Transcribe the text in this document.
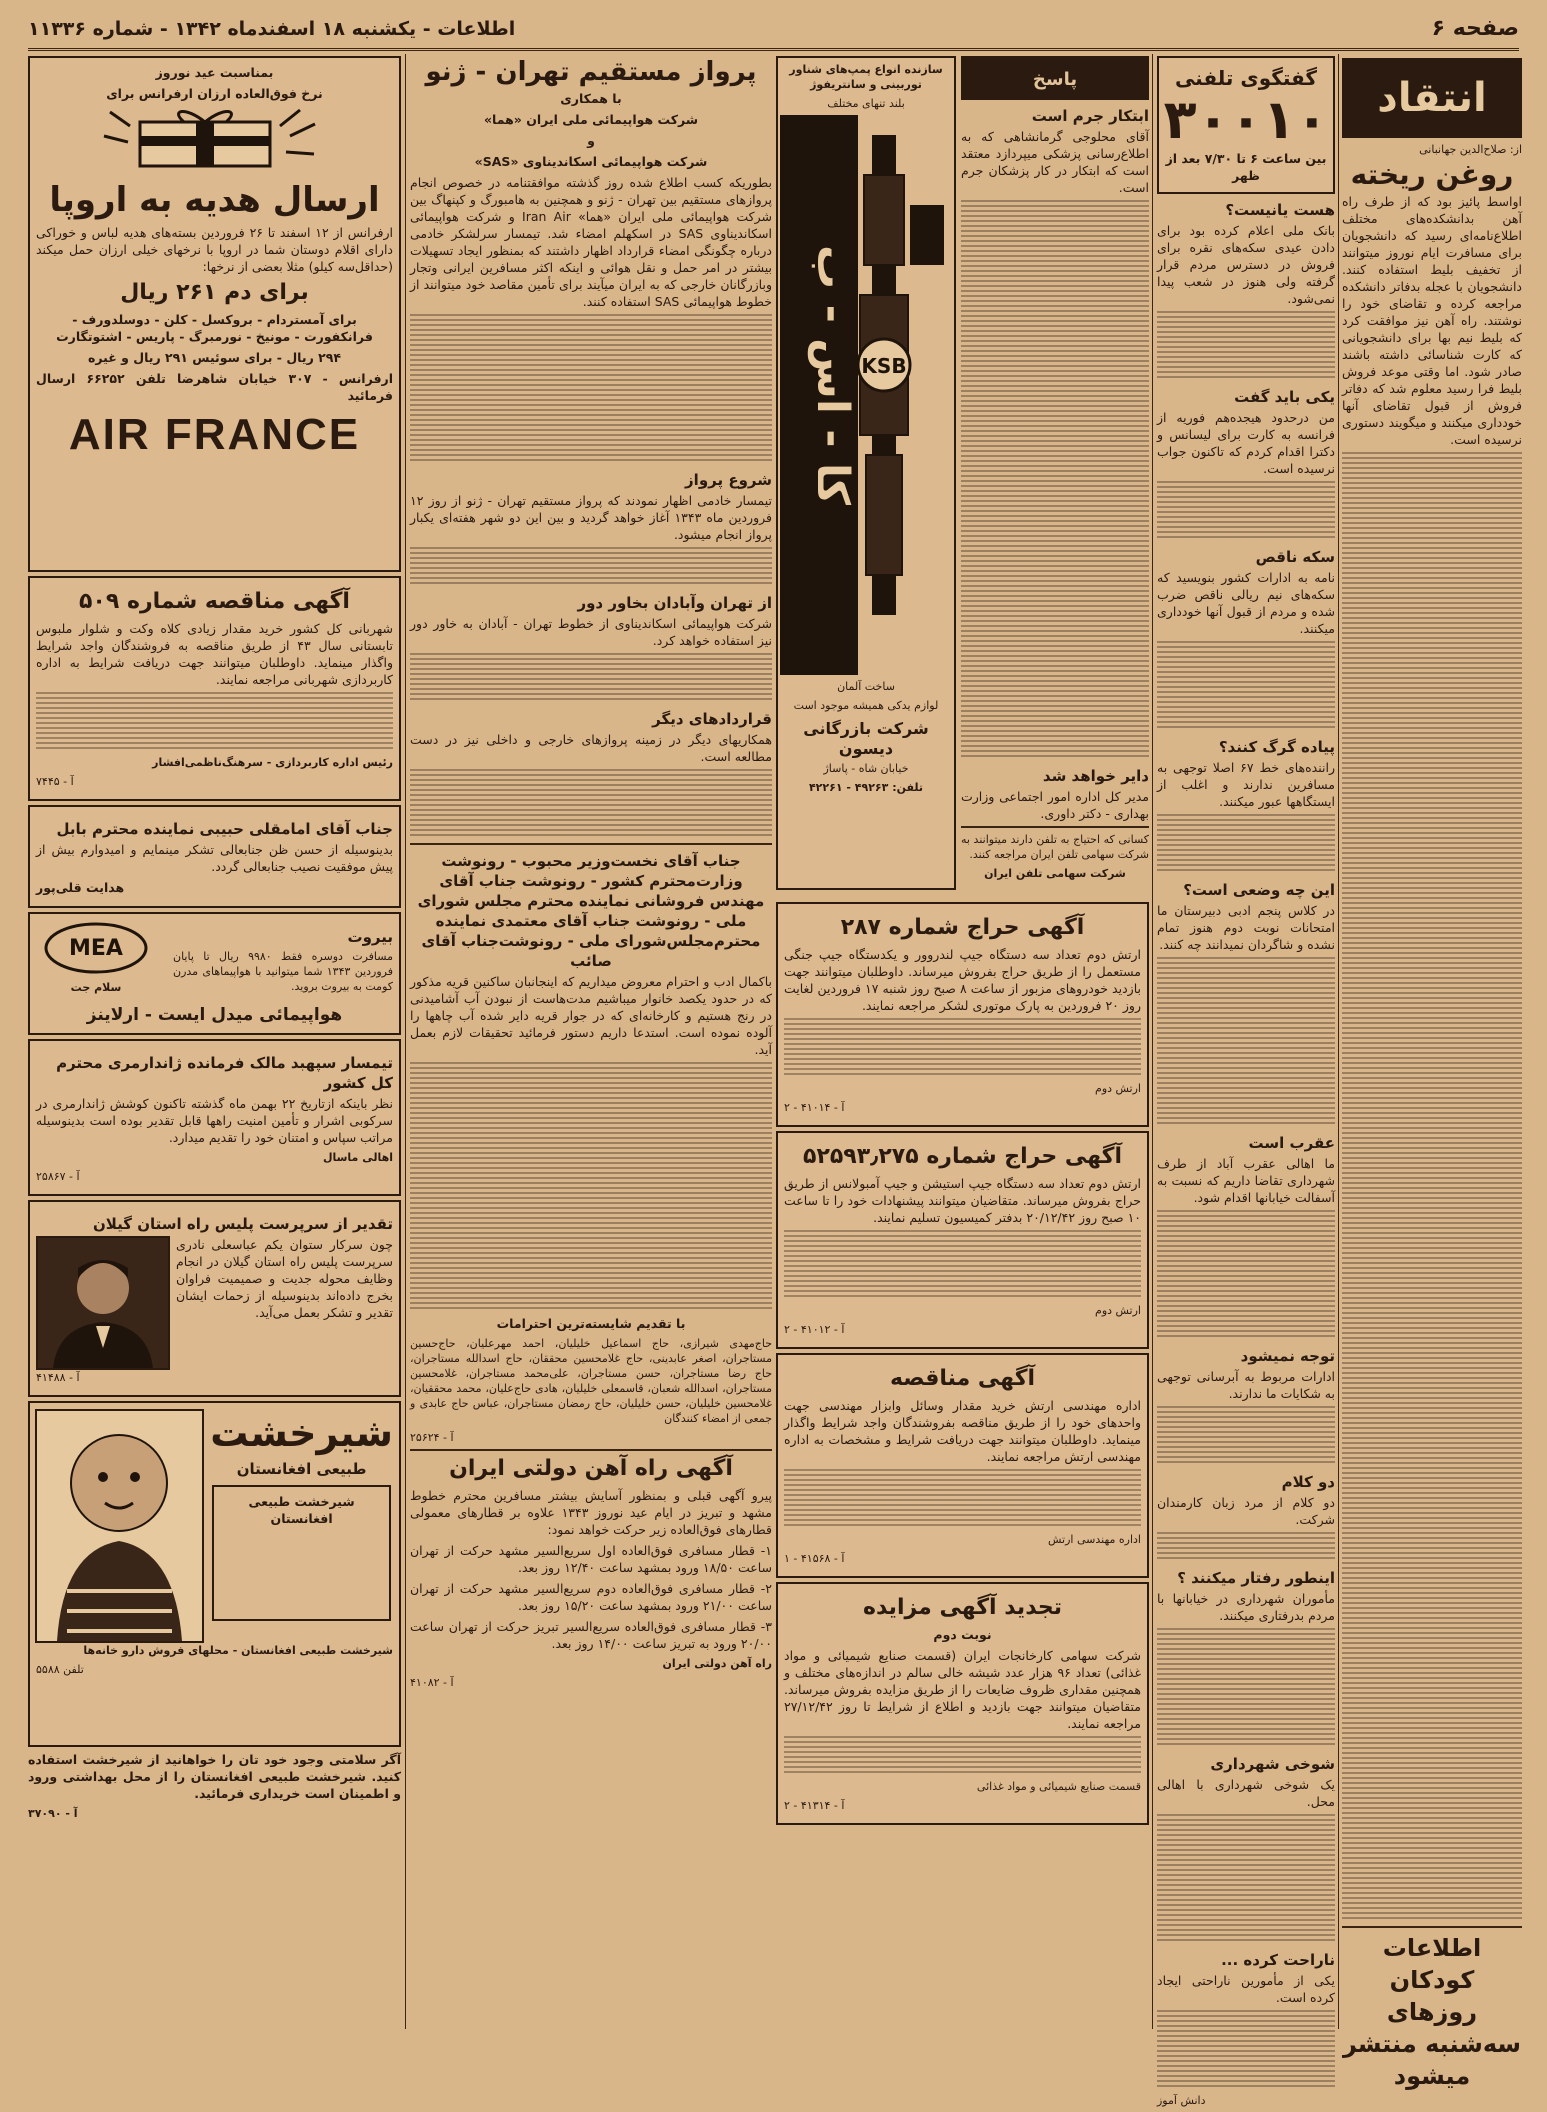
صفحه ۶
اطلاعات - یکشنبه ۱۸ اسفندماه ۱۳۴۲ - شماره ۱۱۳۳۶
انتقاد
از: صلاح‌الدین جهانبانی
روغن ریخته

اواسط پائیز بود که از طرف راه آهن بدانشکده‌های مختلف اطلاع‌نامه‌ای رسید که دانشجویان برای مسافرت ایام نوروز میتوانند از تخفیف بلیط استفاده کنند. دانشجویان با عجله بدفاتر دانشکده مراجعه کرده و تقاضای خود را نوشتند. راه آهن نیز موافقت کرد که بلیط نیم بها برای دانشجویانی که کارت شناسائی داشته باشند صادر شود. اما وقتی موعد فروش بلیط فرا رسید معلوم شد که دفاتر فروش از قبول تقاضای آنها خودداری میکنند و میگویند دستوری نرسیده است.

اطلاعات کودکان روزهای سه‌شنبه منتشر میشود
گفتگوی تلفنی
۳۰۰۱۰
بین ساعت ۶ تا ۷/۳۰ بعد از ظهر
هست یانیست؟

بانک ملی اعلام کرده بود برای دادن عیدی سکه‌های نقره برای فروش در دسترس مردم قرار گرفته ولی هنوز در شعب پیدا نمی‌شود.

یکی باید گفت

من درحدود هیجده‌هم فوریه از فرانسه به کارت برای لیسانس و دکترا اقدام کردم که تاکنون جواب نرسیده است.

سکه ناقص

نامه به ادارات کشور بنویسید که سکه‌های نیم ریالی ناقص ضرب شده و مردم از قبول آنها خودداری میکنند.

پیاده گرگ کنند؟

راننده‌های خط ۶۷ اصلا توجهی به مسافرین ندارند و اغلب از ایستگاهها عبور میکنند.

این چه وضعی است؟

در کلاس پنجم ادبی دبیرستان ما امتحانات نوبت دوم هنوز تمام نشده و شاگردان نمیدانند چه کنند.

عقرب است

ما اهالی عقرب آباد از طرف شهرداری تقاضا داریم که نسبت به آسفالت خیابانها اقدام شود.

توجه نمیشود

ادارات مربوط به آبرسانی توجهی به شکایات ما ندارند.

دو کلام

دو کلام از مرد زبان کارمندان شرکت.

اینطور رفتار میکنند ؟

مأموران شهرداری در خیابانها با مردم بدرفتاری میکنند.

شوخی شهرداری

یک شوخی شهرداری با اهالی محل.

ناراحت کرده ...

یکی از مأمورین ناراحتی ایجاد کرده است.

دانش آموز
پاسخ
ابتکار جرم است

آقای محلوجی گرمانشاهی که به اطلاع‌رسانی پزشکی میپردازد معتقد است که ابتکار در کار پزشکان جرم است.

دایر خواهد شد

مدیر کل اداره امور اجتماعی وزارت بهداری - دکتر داوری.

کسانی که احتیاج به تلفن دارند میتوانند به شرکت سهامی تلفن ایران مراجعه کنند.

شرکت سهامی تلفن ایران
سازنده انواع پمپ‌های شناور توربینی و سانتریفوژ
بلند تنهای مختلف
KSB
کا - اس - ب
ساخت آلمان
لوازم یدکی همیشه موجود است
شرکت بازرگانی دیسون
خیابان شاه - پاساژ
تلفن: ۴۹۲۶۳ - ۴۲۲۶۱
آگهی حراج شماره ۲۸۷

ارتش دوم تعداد سه دستگاه جیپ لندروور و یکدستگاه جیپ جنگی مستعمل را از طریق حراج بفروش میرساند. داوطلبان میتوانند جهت بازدید خودروهای مزبور از ساعت ۸ صبح روز شنبه ۱۷ فروردین لغایت روز ۲۰ فروردین به پارک موتوری لشکر مراجعه نمایند.

ارتش دوم
آ - ۴۱۰۱۴ - ۲
آگهی حراج شماره ۵۲۵۹۳٫۲۷۵

ارتش دوم تعداد سه دستگاه جیپ استیشن و جیپ آمبولانس از طریق حراج بفروش میرساند. متقاضیان میتوانند پیشنهادات خود را تا ساعت ۱۰ صبح روز ۲۰/۱۲/۴۲ بدفتر کمیسیون تسلیم نمایند.

ارتش دوم
آ - ۴۱۰۱۲ - ۲
آگهی مناقصه

اداره مهندسی ارتش خرید مقدار وسائل وابزار مهندسی جهت واحدهای خود را از طریق مناقصه بفروشندگان واجد شرایط واگذار مینماید. داوطلبان میتوانند جهت دریافت شرایط و مشخصات به اداره مهندسی ارتش مراجعه نمایند.

اداره مهندسی ارتش
آ - ۴۱۵۶۸ - ۱
تجدید آگهی مزایده
نوبت دوم

شرکت سهامی کارخانجات ایران (قسمت صنایع شیمیائی و مواد غذائی) تعداد ۹۶ هزار عدد شیشه خالی سالم در اندازه‌های مختلف و همچنین مقداری ظروف ضایعات را از طریق مزایده بفروش میرساند. متقاضیان میتوانند جهت بازدید و اطلاع از شرایط تا روز ۲۷/۱۲/۴۲ مراجعه نمایند.

قسمت صنایع شیمیائی و مواد غذائی
آ - ۴۱۳۱۴ - ۲
پرواز مستقیم تهران - ژنو
با همکاری
شرکت هواپیمائی ملی ایران «هما»
و
شرکت هواپیمائی اسکاندیناوی «SAS»

بطوریکه کسب اطلاع شده روز گذشته موافقتنامه در خصوص انجام پروازهای مستقیم بین تهران - ژنو و همچنین به هامبورگ و کپنهاگ بین شرکت هواپیمائی ملی ایران «هما» Iran Air و شرکت هواپیمائی اسکاندیناوی SAS در اسکهلم امضاء شد. تیمسار سرلشکر خادمی درباره چگونگی امضاء قرارداد اظهار داشتند که بمنظور ایجاد تسهیلات بیشتر در امر حمل و نقل هوائی و اینکه اکثر مسافرین ایرانی وتجار وبازرگانان خارجی که به ایران میآیند برای تأمین مقاصد خود میتوانند از خطوط هواپیمائی SAS استفاده کنند.

شروع پرواز

تیمسار خادمی اظهار نمودند که پرواز مستقیم تهران - ژنو از روز ۱۲ فروردین ماه ۱۳۴۳ آغاز خواهد گردید و بین این دو شهر هفته‌ای یکبار پرواز انجام میشود.

از تهران وآبادان بخاور دور

شرکت هواپیمائی اسکاندیناوی از خطوط تهران - آبادان به خاور دور نیز استفاده خواهد کرد.

قراردادهای دیگر

همکاریهای دیگر در زمینه پروازهای خارجی و داخلی نیز در دست مطالعه است.

جناب آقای نخست‌وزیر محبوب - رونوشت وزارت‌محترم کشور - رونوشت جناب آقای مهندس فروشانی نماینده محترم مجلس شورای ملی - رونوشت جناب آقای معتمدی نماینده محترم‌مجلس‌شورای ملی - رونوشت‌جناب آقای صائب

باکمال ادب و احترام معروض میداریم که اینجانبان ساکنین قریه مذکور که در حدود یکصد خانوار میباشیم مدت‌هاست از نبودن آب آشامیدنی در رنج هستیم و کارخانه‌ای که در جوار قریه دایر شده آب چاهها را آلوده نموده است. استدعا داریم دستور فرمائید تحقیقات لازم بعمل آید.

با تقدیم شایسته‌ترین احترامات

حاج‌مهدی شیرازی، حاج اسماعیل خلیلیان، احمد مهرعلیان، حاج‌حسین مستاجران، اصغر عابدینی، حاج غلامحسین محققان، حاج اسدالله مستاجران، حاج رضا مستاجران، حسن مستاجران، علی‌محمد مستاجران، غلامحسین مستاجران، اسدالله شعبان، قاسمعلی خلیلیان، هادی حاج‌علیان، محمد محققیان، غلامحسین خلیلیان، حسن خلیلیان، حاج رمضان مستاجران، عباس حاج عابدی و جمعی از امضاء کنندگان

آ - ۲۵۶۲۴
آگهی راه آهن دولتی ایران

پیرو آگهی قبلی و بمنظور آسایش بیشتر مسافرین محترم خطوط مشهد و تبریز در ایام عید نوروز ۱۳۴۳ علاوه بر قطار‌های معمولی قطارهای فوق‌العاده زیر حرکت خواهد نمود:

۱- قطار مسافری فوق‌العاده اول سریع‌السیر مشهد حرکت از تهران ساعت ۱۸/۵۰ ورود بمشهد ساعت ۱۲/۴۰ روز بعد.

۲- قطار مسافری فوق‌العاده دوم سریع‌السیر مشهد حرکت از تهران ساعت ۲۱/۰۰ ورود بمشهد ساعت ۱۵/۲۰ روز بعد.

۳- قطار مسافری فوق‌العاده سریع‌السیر تبریز حرکت از تهران ساعت ۲۰/۰۰ ورود به تبریز ساعت ۱۴/۰۰ روز بعد.

راه آهن دولتی ایران
آ - ۴۱۰۸۲
بمناسبت عید نوروز
نرخ فوق‌العاده ارزان ارفرانس برای
ارسال هدیه به اروپا

ارفرانس از ۱۲ اسفند تا ۲۶ فروردین بسته‌های هدیه لباس و خوراکی دارای اقلام دوستان شما در اروپا با نرخهای خیلی ارزان حمل میکند (حداقل‌سه کیلو) مثلا بعضی از نرخها:

برای دم ۲۶۱ ریال

برای آمستردام - بروکسل - کلن - دوسلدورف - فرانکفورت - مونیخ - نورمبرگ - پاریس - اشتوتگارت

۲۹۴ ریال - برای سوئیس ۲۹۱ ریال و غیره

ارفرانس - ۳۰۷ خیابان شاهرضا تلفن ۶۶۲۵۲ ارسال فرمائید

AIR FRANCE
آگهی مناقصه شماره ۵۰۹

شهربانی کل کشور خرید مقدار زیادی کلاه وکت و شلوار ملبوس تابستانی سال ۴۳ از طریق مناقصه به فروشندگان واجد شرایط واگذار مینماید. داوطلبان میتوانند جهت دریافت شرایط به اداره کاربردازی شهربانی مراجعه نمایند.

رئیس اداره کاربردازی - سرهنگ‌ناظمی‌افشار
آ - ۷۴۴۵
جناب آقای امامقلی حبیبی نماینده محترم بابل

بدینوسیله از حسن ظن جنابعالی تشکر مینمایم و امیدوارم بیش از پیش موفقیت نصیب جنابعالی گردد.

هدایت قلی‌پور
بیروت

مسافرت دوسره فقط ۹۹۸۰ ریال تا پایان فروردین ۱۳۴۳ شما میتوانید با هواپیماهای مدرن کومت به بیروت بروید.

MEA
سلام جت
هواپیمائی میدل ایست - ارلاینز
تیمسار سپهبد مالک فرمانده ژاندارمری محترم کل کشور

نظر باینکه ازتاریخ ۲۲ بهمن ماه گذشته تاکنون کوشش ژاندارمری در سرکوبی اشرار و تأمین امنیت راهها قابل تقدیر بوده است بدینوسیله مراتب سپاس و امتنان خود را تقدیم میدارد.

اهالی ماسال
آ - ۲۵۸۶۷
تقدیر از سرپرست پلیس راه استان گیلان

چون سرکار ستوان یکم عباسعلی نادری سرپرست پلیس راه استان گیلان در انجام وظایف محوله جدیت و صمیمیت فراوان بخرج داده‌اند بدینوسیله از زحمات ایشان تقدیر و تشکر بعمل می‌آید.

آ - ۴۱۴۸۸
شیرخشت
طبیعی افغانستان
شیرخشت طبیعی افغانستان

شیرخشت طبیعی افغانستان - محلهای فروش دارو خانه‌ها

تلفن ۵۵۸۸

آگر سلامتی وجود خود تان را خواهانید از شیرخشت استفاده کنید. شیرخشت طبیعی افغانستان را از محل بهداشتی ورود و اطمینان است خریداری فرمائید.

آ - ۳۷۰۹۰
